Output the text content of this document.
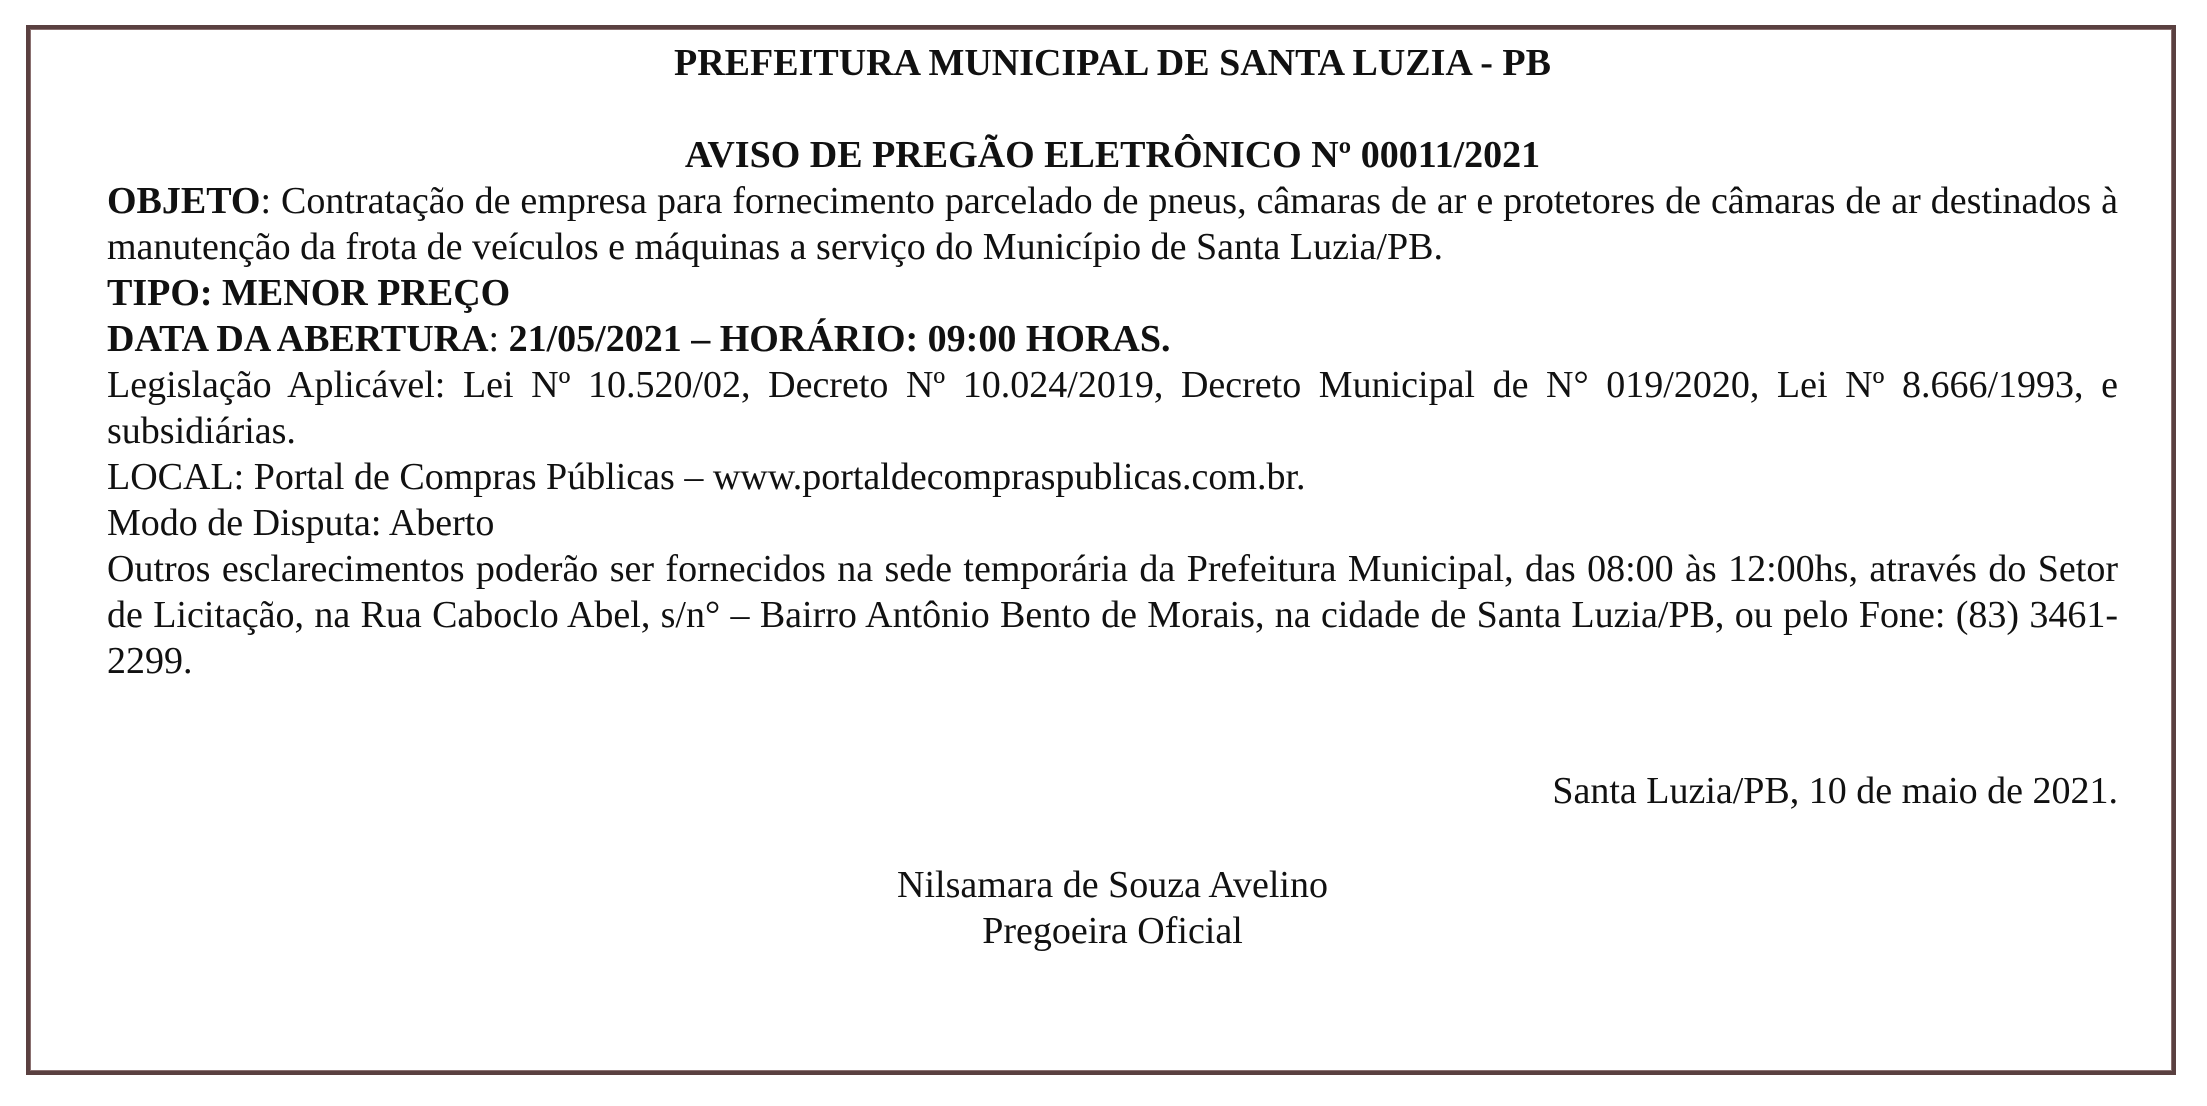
PREFEITURA MUNICIPAL DE SANTA LUZIA - PB
AVISO DE PREGÃO ELETRÔNICO Nº 00011/2021

OBJETO: Contratação de empresa para fornecimento parcelado de pneus, câmaras de ar e protetores de câmaras de ar destinados à manutenção da frota de veículos e máquinas a serviço do Município de Santa Luzia/PB.

TIPO: MENOR PREÇO

DATA DA ABERTURA: 21/05/2021 – HORÁRIO: 09:00 HORAS.

Legislação Aplicável: Lei Nº 10.520/02, Decreto Nº 10.024/2019, Decreto Municipal de N° 019/2020, Lei Nº 8.666/1993, e subsidiárias.

LOCAL: Portal de Compras Públicas – www.portaldecompraspublicas.com.br.

Modo de Disputa: Aberto

Outros esclarecimentos poderão ser fornecidos na sede temporária da Prefeitura Municipal, das 08:00 às 12:00hs, através do Setor de Licitação, na Rua Caboclo Abel, s/n° – Bairro Antônio Bento de Morais, na cidade de Santa Luzia/PB, ou pelo Fone: (83) 3461-2299.

Santa Luzia/PB, 10 de maio de 2021.
Nilsamara de Souza Avelino
Pregoeira Oficial
